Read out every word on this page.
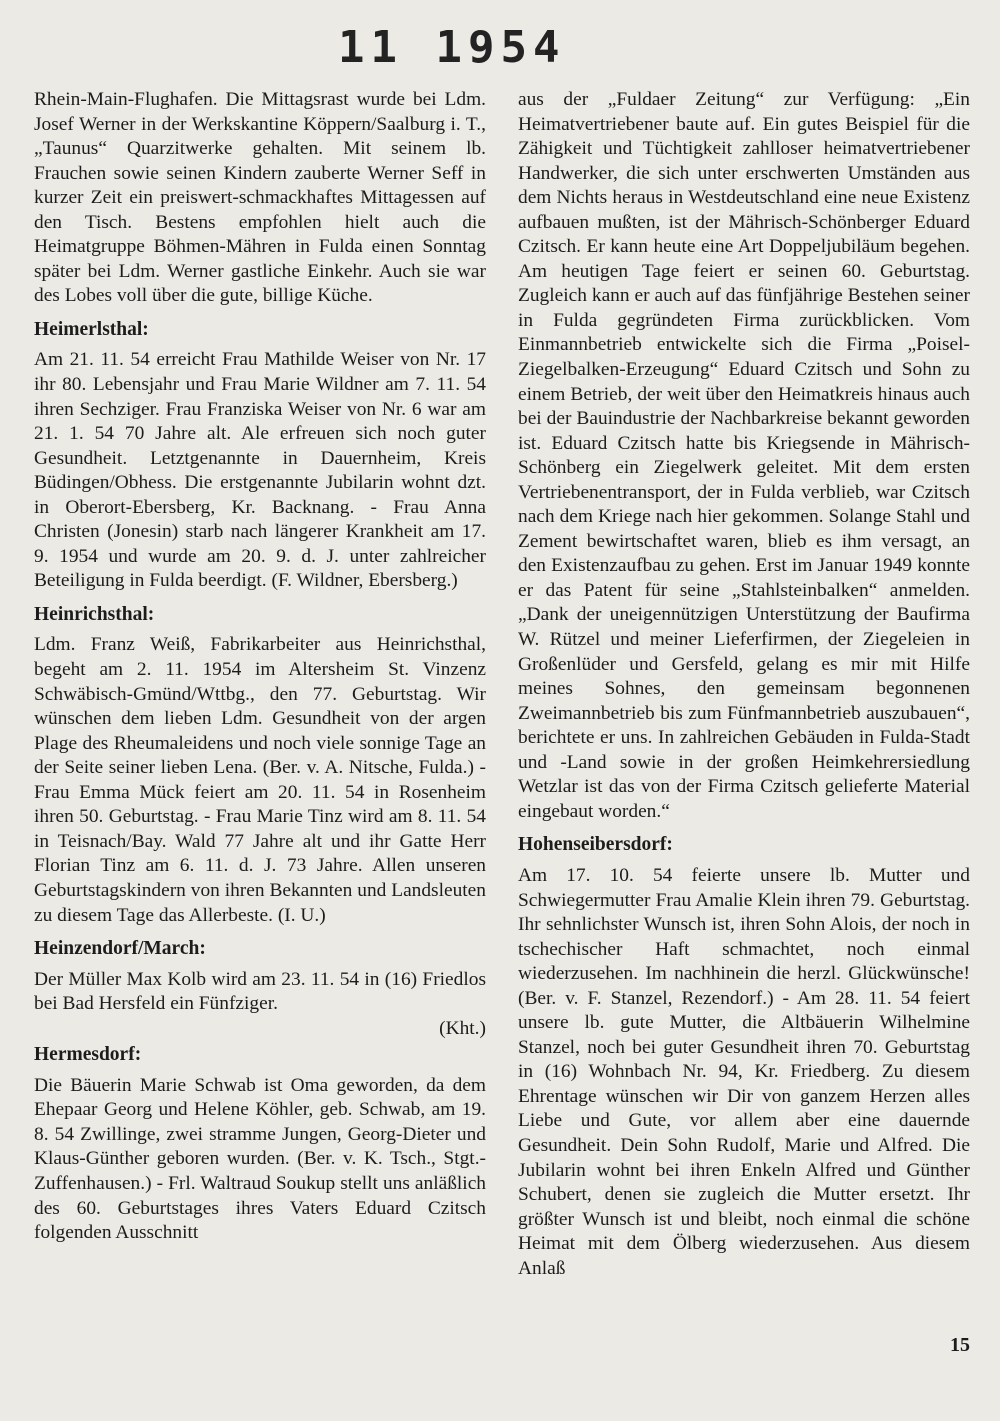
11 1954

Rhein-Main-Flughafen. Die Mittagsrast wurde bei Ldm. Josef Werner in der Werkskantine Köppern/Saalburg i. T., „Taunus“ Quarzitwerke gehalten. Mit seinem lb. Frauchen sowie seinen Kindern zauberte Werner Seff in kurzer Zeit ein preiswert-schmackhaftes Mittagessen auf den Tisch. Bestens empfohlen hielt auch die Heimatgruppe Böhmen-Mähren in Fulda einen Sonntag später bei Ldm. Werner gastliche Einkehr. Auch sie war des Lobes voll über die gute, billige Küche.

Heimerlsthal:

Am 21. 11. 54 erreicht Frau Mathilde Weiser von Nr. 17 ihr 80. Lebensjahr und Frau Marie Wildner am 7. 11. 54 ihren Sechziger. Frau Franziska Weiser von Nr. 6 war am 21. 1. 54 70 Jahre alt. Ale erfreuen sich noch guter Gesundheit. Letztgenannte in Dauernheim, Kreis Büdingen/Obhess. Die erstgenannte Jubilarin wohnt dzt. in Oberort-Ebersberg, Kr. Backnang. - Frau Anna Christen (Jonesin) starb nach längerer Krankheit am 17. 9. 1954 und wurde am 20. 9. d. J. unter zahlreicher Beteiligung in Fulda beerdigt. (F. Wildner, Ebersberg.)

Heinrichsthal:

Ldm. Franz Weiß, Fabrikarbeiter aus Heinrichsthal, begeht am 2. 11. 1954 im Altersheim St. Vinzenz Schwäbisch-Gmünd/Wttbg., den 77. Geburtstag. Wir wünschen dem lieben Ldm. Gesundheit von der argen Plage des Rheumaleidens und noch viele sonnige Tage an der Seite seiner lieben Lena. (Ber. v. A. Nitsche, Fulda.) - Frau Emma Mück feiert am 20. 11. 54 in Rosenheim ihren 50. Geburtstag. - Frau Marie Tinz wird am 8. 11. 54 in Teisnach/Bay. Wald 77 Jahre alt und ihr Gatte Herr Florian Tinz am 6. 11. d. J. 73 Jahre. Allen unseren Geburtstagskindern von ihren Bekannten und Landsleuten zu diesem Tage das Allerbeste. (I. U.)

Heinzendorf/March:

Der Müller Max Kolb wird am 23. 11. 54 in (16) Friedlos bei Bad Hersfeld ein Fünfziger.

(Kht.)

Hermesdorf:

Die Bäuerin Marie Schwab ist Oma geworden, da dem Ehepaar Georg und Helene Köhler, geb. Schwab, am 19. 8. 54 Zwillinge, zwei stramme Jungen, Georg-Dieter und Klaus-Günther geboren wurden. (Ber. v. K. Tsch., Stgt.-Zuffenhausen.) - Frl. Waltraud Soukup stellt uns anläßlich des 60. Geburtstages ihres Vaters Eduard Czitsch folgenden Ausschnitt

aus der „Fuldaer Zeitung“ zur Verfügung: „Ein Heimatvertriebener baute auf. Ein gutes Beispiel für die Zähigkeit und Tüchtigkeit zahlloser heimatvertriebener Handwerker, die sich unter erschwerten Umständen aus dem Nichts heraus in Westdeutschland eine neue Existenz aufbauen mußten, ist der Mährisch-Schönberger Eduard Czitsch. Er kann heute eine Art Doppeljubiläum begehen. Am heutigen Tage feiert er seinen 60. Geburtstag. Zugleich kann er auch auf das fünfjährige Bestehen seiner in Fulda gegründeten Firma zurückblicken. Vom Einmannbetrieb entwickelte sich die Firma „Poisel-Ziegelbalken-Erzeugung“ Eduard Czitsch und Sohn zu einem Betrieb, der weit über den Heimatkreis hinaus auch bei der Bauindustrie der Nachbarkreise bekannt geworden ist. Eduard Czitsch hatte bis Kriegsende in Mährisch-Schönberg ein Ziegelwerk geleitet. Mit dem ersten Vertriebenentransport, der in Fulda verblieb, war Czitsch nach dem Kriege nach hier gekommen. Solange Stahl und Zement bewirtschaftet waren, blieb es ihm versagt, an den Existenzaufbau zu gehen. Erst im Januar 1949 konnte er das Patent für seine „Stahlsteinbalken“ anmelden. „Dank der uneigennützigen Unterstützung der Baufirma W. Rützel und meiner Lieferfirmen, der Ziegeleien in Großenlüder und Gersfeld, gelang es mir mit Hilfe meines Sohnes, den gemeinsam begonnenen Zweimannbetrieb bis zum Fünfmannbetrieb auszubauen“, berichtete er uns. In zahlreichen Gebäuden in Fulda-Stadt und -Land sowie in der großen Heimkehrersiedlung Wetzlar ist das von der Firma Czitsch gelieferte Material eingebaut worden.“

Hohenseibersdorf:

Am 17. 10. 54 feierte unsere lb. Mutter und Schwiegermutter Frau Amalie Klein ihren 79. Geburtstag. Ihr sehnlichster Wunsch ist, ihren Sohn Alois, der noch in tschechischer Haft schmachtet, noch einmal wiederzusehen. Im nachhinein die herzl. Glückwünsche! (Ber. v. F. Stanzel, Rezendorf.) - Am 28. 11. 54 feiert unsere lb. gute Mutter, die Altbäuerin Wilhelmine Stanzel, noch bei guter Gesundheit ihren 70. Geburtstag in (16) Wohnbach Nr. 94, Kr. Friedberg. Zu diesem Ehrentage wünschen wir Dir von ganzem Herzen alles Liebe und Gute, vor allem aber eine dauernde Gesundheit. Dein Sohn Rudolf, Marie und Alfred. Die Jubilarin wohnt bei ihren Enkeln Alfred und Günther Schubert, denen sie zugleich die Mutter ersetzt. Ihr größter Wunsch ist und bleibt, noch einmal die schöne Heimat mit dem Ölberg wiederzusehen. Aus diesem Anlaß

15
